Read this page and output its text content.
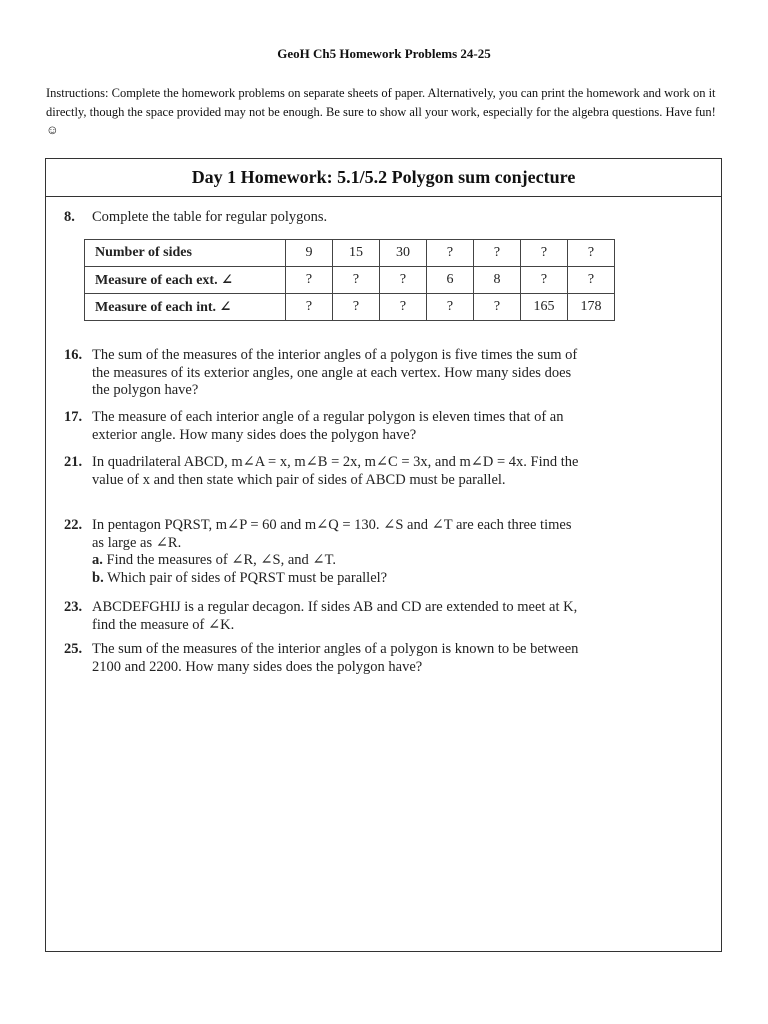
GeoH Ch5 Homework Problems 24-25
Instructions: Complete the homework problems on separate sheets of paper. Alternatively, you can print the homework and work on it directly, though the space provided may not be enough. Be sure to show all your work, especially for the algebra questions. Have fun! ☺
Day 1 Homework: 5.1/5.2 Polygon sum conjecture
8. Complete the table for regular polygons.
Number of sides	9	15	30	?	?	?	?
Measure of each ext. ∠	?	?	?	6	8	?	?
Measure of each int. ∠	?	?	?	?	?	165	178
16. The sum of the measures of the interior angles of a polygon is five times the sum of the measures of its exterior angles, one angle at each vertex. How many sides does the polygon have?
17. The measure of each interior angle of a regular polygon is eleven times that of an exterior angle. How many sides does the polygon have?
21. In quadrilateral ABCD, m∠A = x, m∠B = 2x, m∠C = 3x, and m∠D = 4x. Find the value of x and then state which pair of sides of ABCD must be parallel.
22. In pentagon PQRST, m∠P = 60 and m∠Q = 130. ∠S and ∠T are each three times as large as ∠R.
a. Find the measures of ∠R, ∠S, and ∠T.
b. Which pair of sides of PQRST must be parallel?
23. ABCDEFGHIJ is a regular decagon. If sides AB and CD are extended to meet at K, find the measure of ∠K.
25. The sum of the measures of the interior angles of a polygon is known to be between 2100 and 2200. How many sides does the polygon have?
